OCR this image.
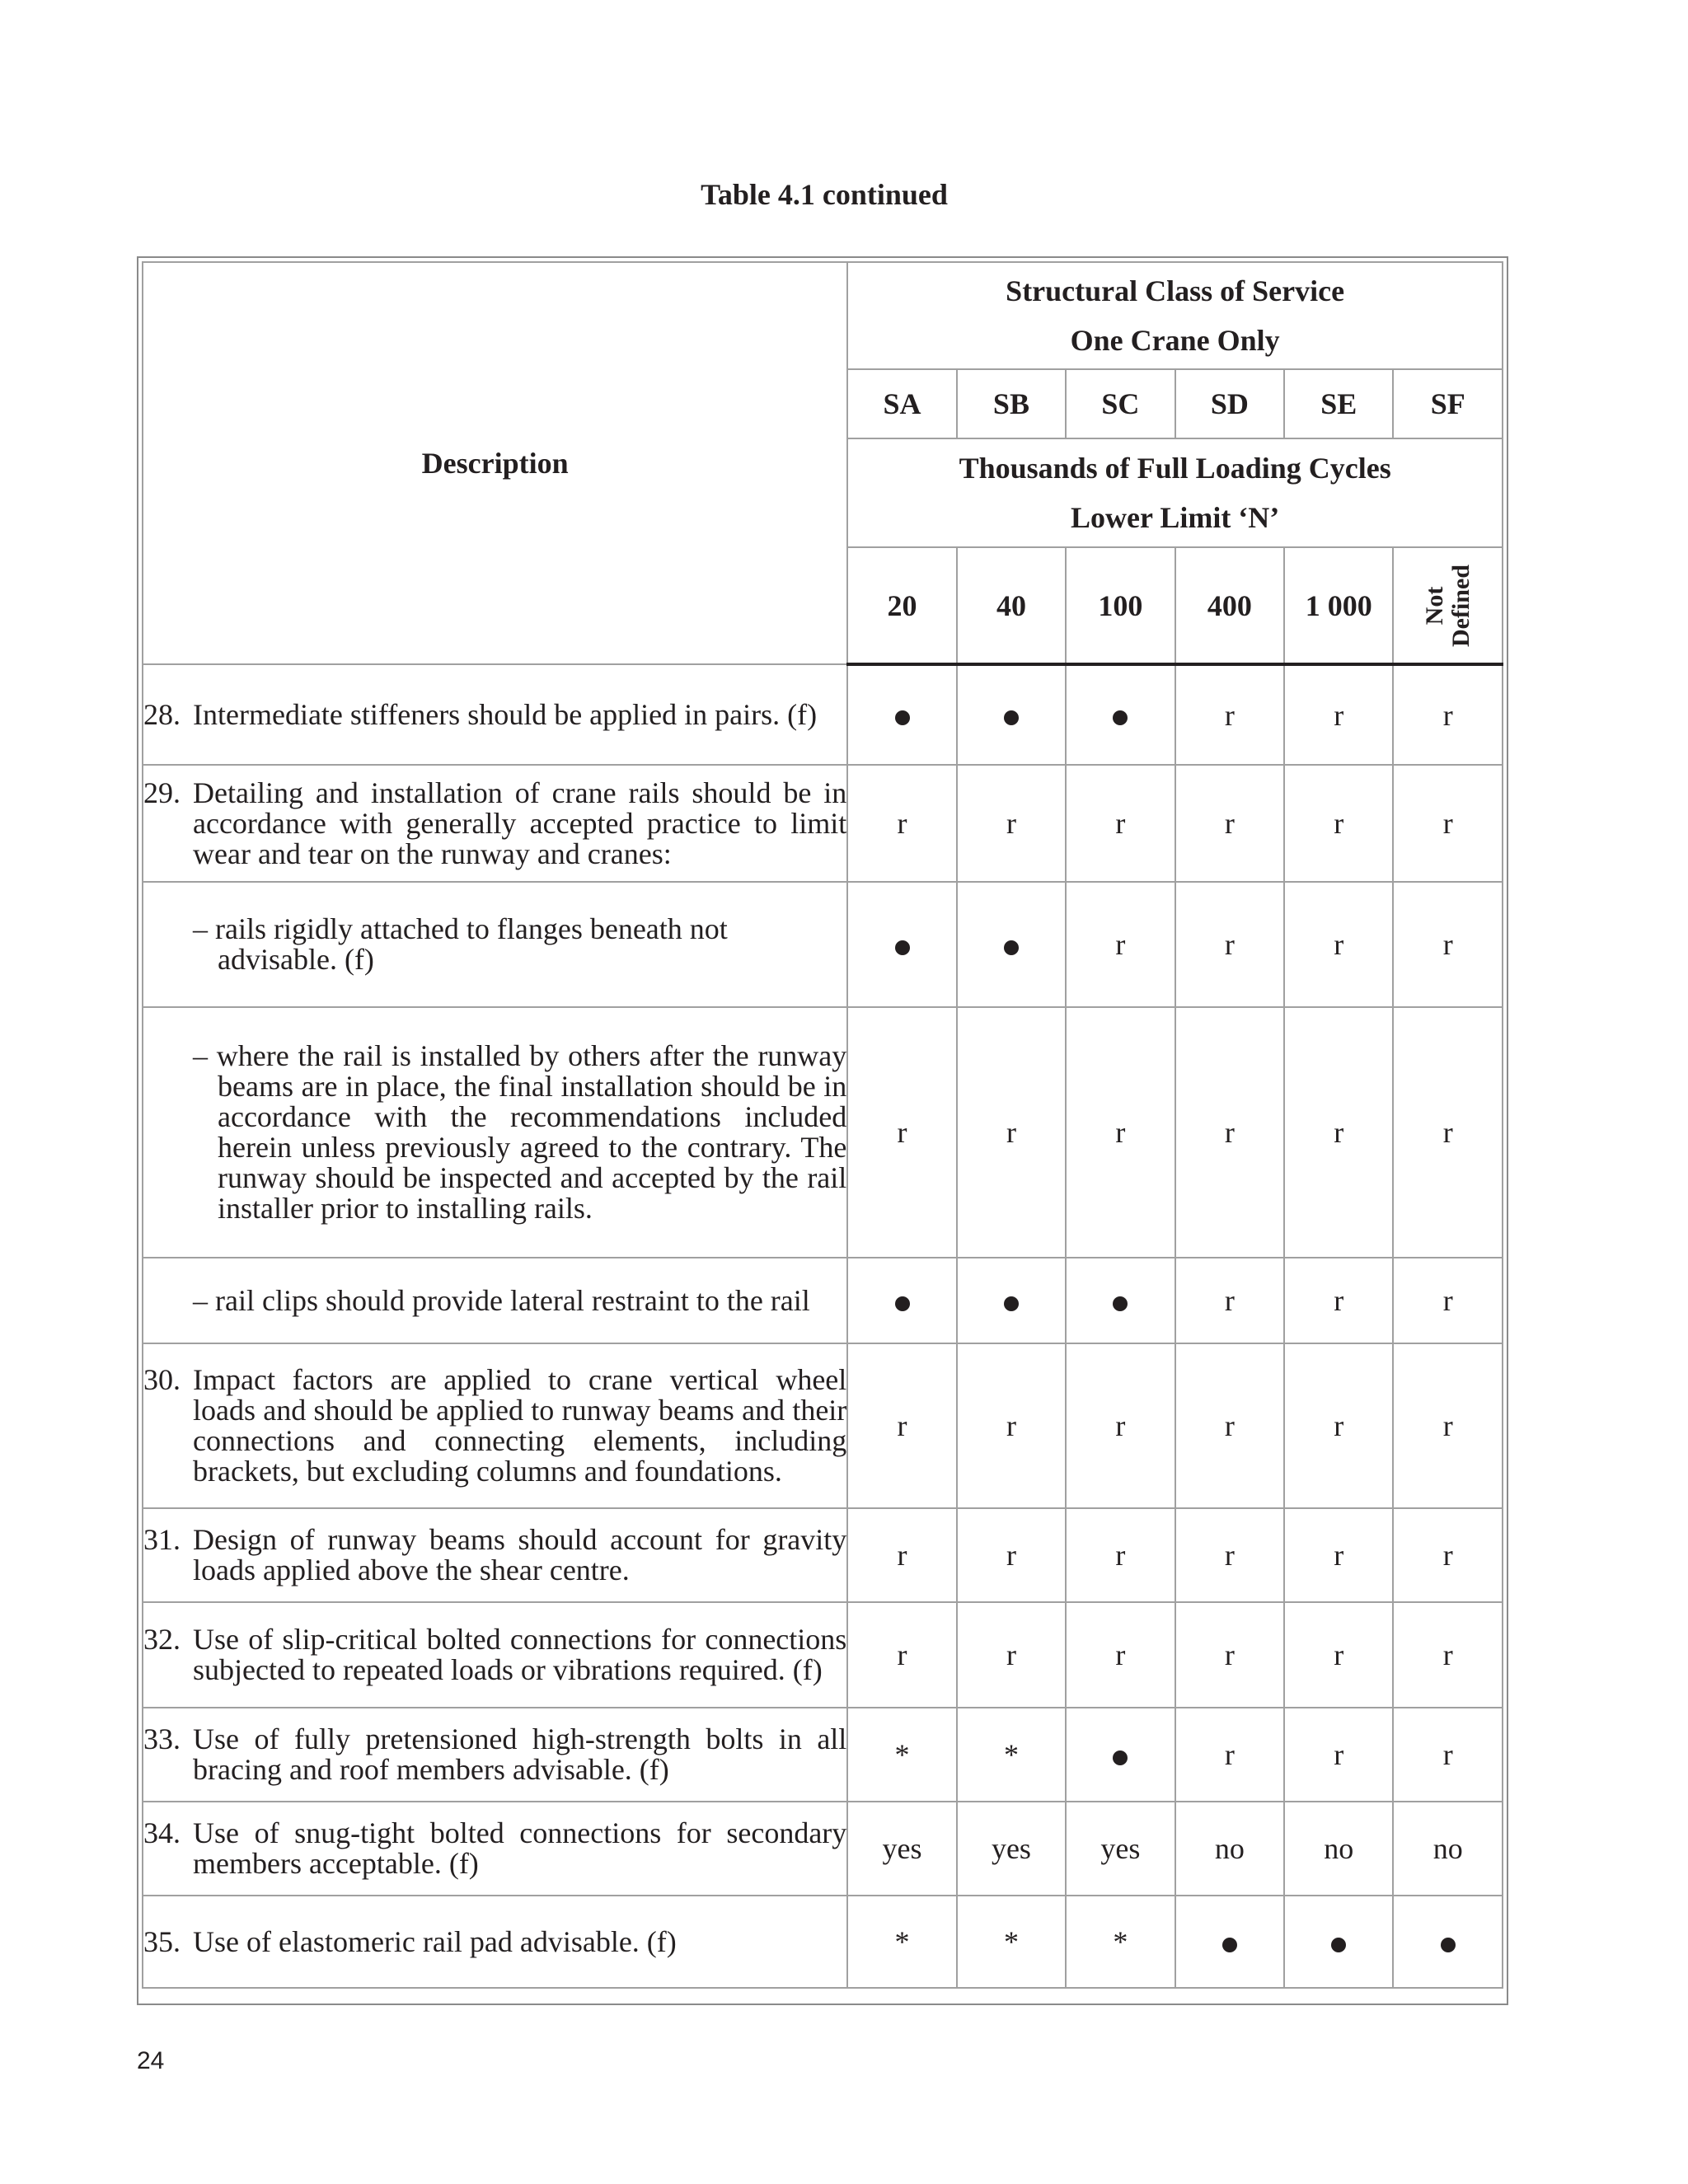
Table 4.1 continued
Description	Structural Class of Service
One Crane Only					

	SA	SB	SC	SD	SE	SF

	Thousands of Full Loading Cycles
Lower Limit ‘N’					

	20	40	100	400	1 000	Not Defined

28. Intermediate stiffeners should be applied in pairs. (f)				r	r	r

29. Detailing and installation of crane rails should be in accordance with generally accepted practice to limit wear and tear on the runway and cranes:	r	r	r	r	r	r

– rails rigidly attached to flanges beneath not advisable. (f)			r	r	r	r

– where the rail is installed by others after the runway beams are in place, the final installation should be in accordance with the recommendations included herein unless previously agreed to the contrary. The runway should be inspected and accepted by the rail installer prior to installing rails.	r	r	r	r	r	r

– rail clips should provide lateral restraint to the rail				r	r	r

30. Impact factors are applied to crane vertical wheel loads and should be applied to runway beams and their connections and connecting elements, including brackets, but excluding columns and foundations.	r	r	r	r	r	r

31. Design of runway beams should account for gravity loads applied above the shear centre.	r	r	r	r	r	r

32. Use of slip-critical bolted connections for connections subjected to repeated loads or vibrations required. (f)	r	r	r	r	r	r

33. Use of fully pretensioned high-strength bolts in all bracing and roof members advisable. (f)	*	*		r	r	r

34. Use of snug-tight bolted connections for secondary members acceptable. (f)	yes	yes	yes	no	no	no

35. Use of elastomeric rail pad advisable. (f)	*	*	*			
24
